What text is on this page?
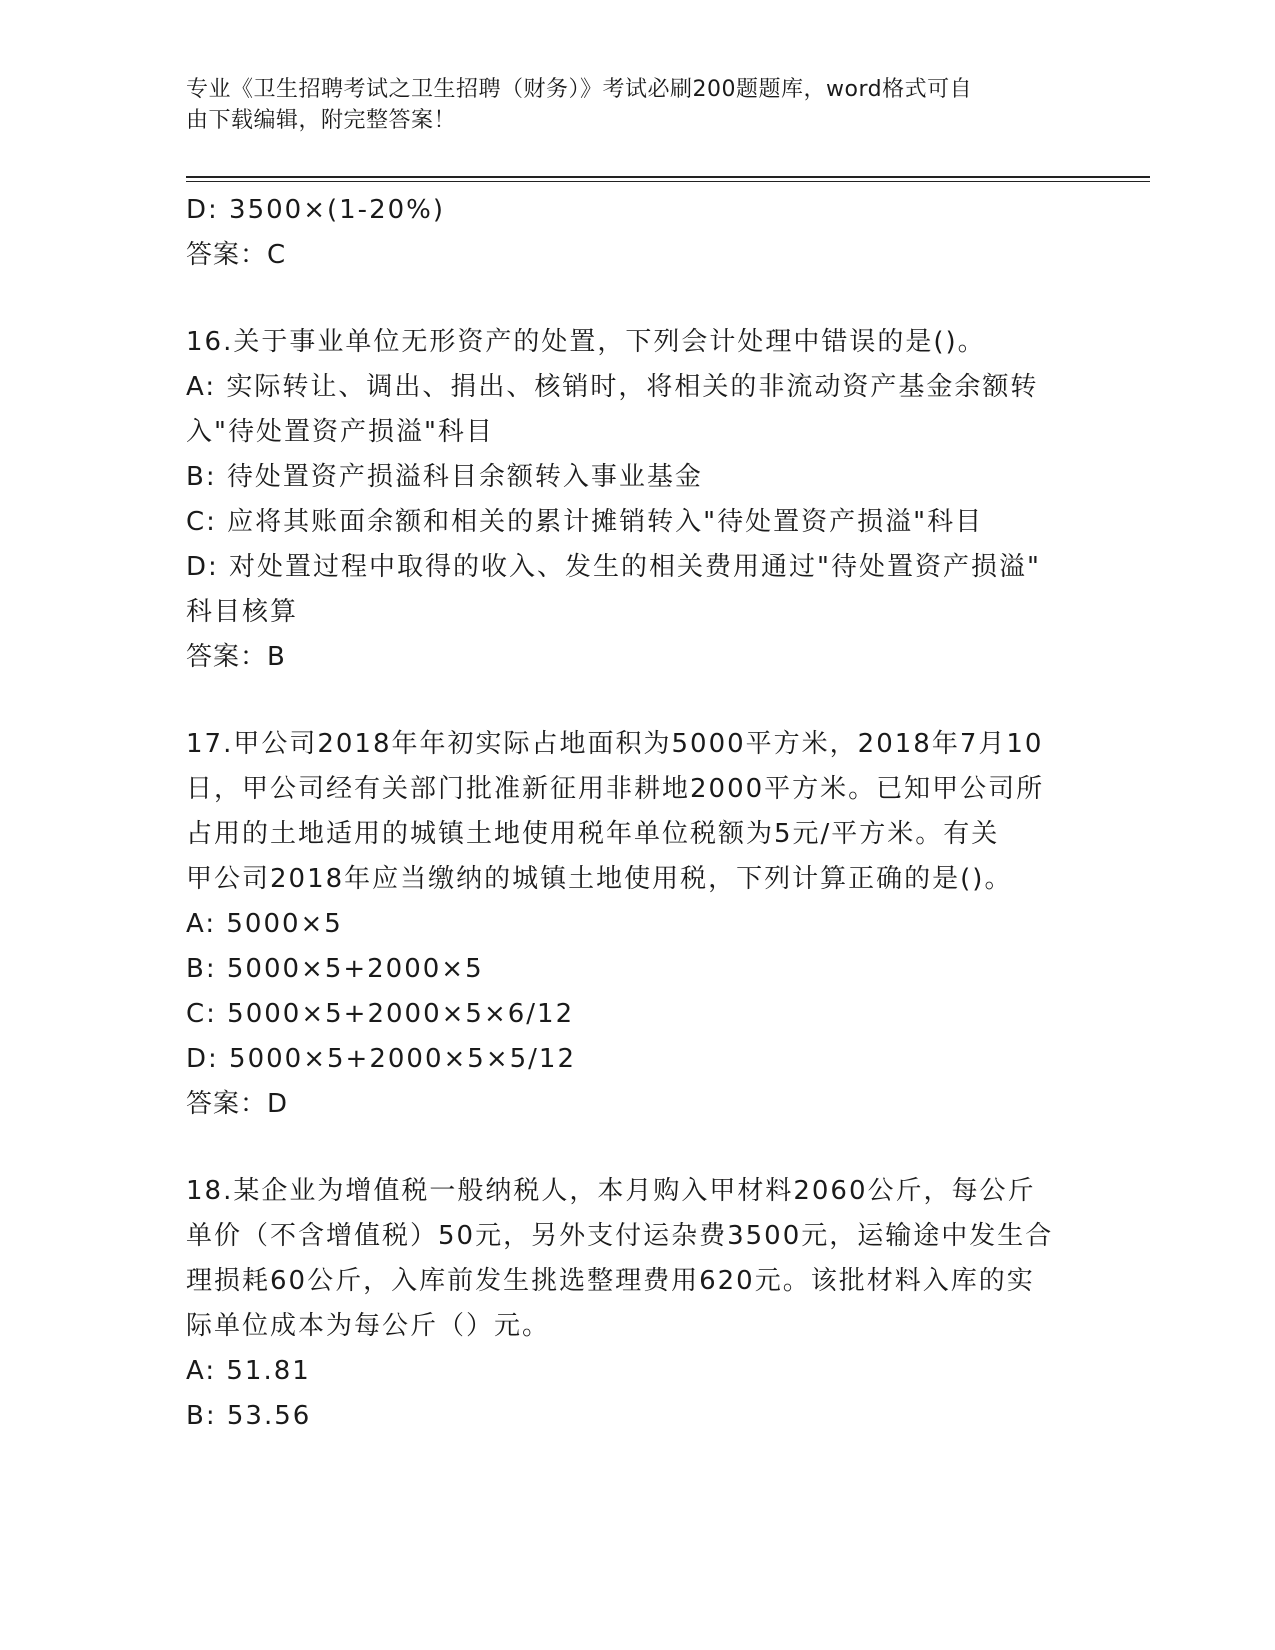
专业《卫生招聘考试之卫生招聘（财务）》考试必刷200题题库，word格式可自
由下载编辑，附完整答案！
D: 3500×(1-20%)
答案：C
16.关于事业单位无形资产的处置，下列会计处理中错误的是()。
A: 实际转让、调出、捐出、核销时，将相关的非流动资产基金余额转
入"待处置资产损溢"科目
B: 待处置资产损溢科目余额转入事业基金
C: 应将其账面余额和相关的累计摊销转入"待处置资产损溢"科目
D: 对处置过程中取得的收入、发生的相关费用通过"待处置资产损溢"
科目核算
答案：B
17.甲公司2018年年初实际占地面积为5000平方米，2018年7月10
日，甲公司经有关部门批准新征用非耕地2000平方米。已知甲公司所
占用的土地适用的城镇土地使用税年单位税额为5元/平方米。有关
甲公司2018年应当缴纳的城镇土地使用税，下列计算正确的是()。
A: 5000×5
B: 5000×5+2000×5
C: 5000×5+2000×5×6/12
D: 5000×5+2000×5×5/12
答案：D
18.某企业为增值税一般纳税人，本月购入甲材料2060公斤，每公斤
单价（不含增值税）50元，另外支付运杂费3500元，运输途中发生合
理损耗60公斤，入库前发生挑选整理费用620元。该批材料入库的实
际单位成本为每公斤（）元。
A: 51.81
B: 53.56
